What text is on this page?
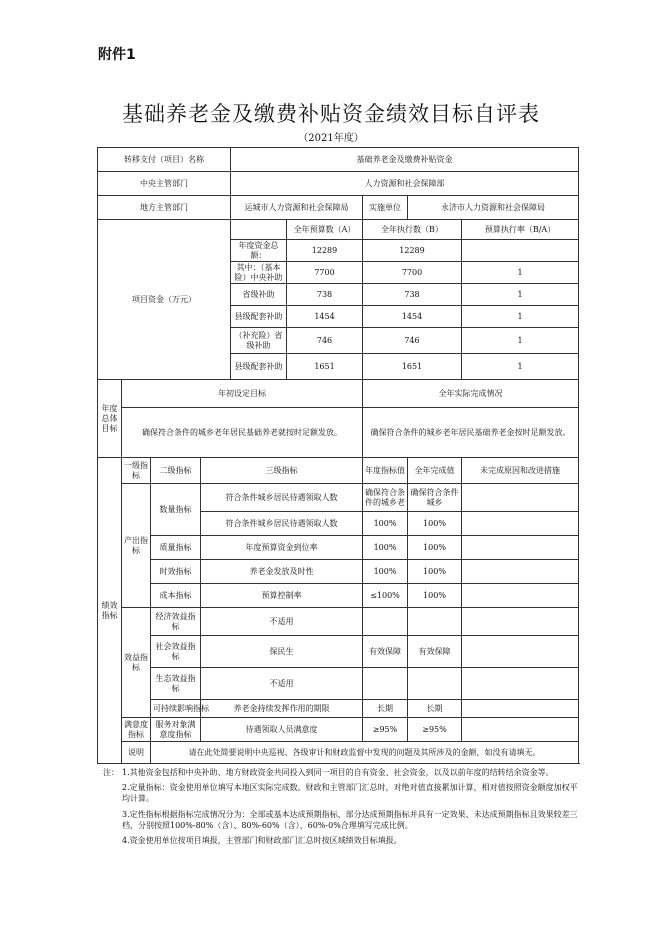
附件1
基础养老金及缴费补贴资金绩效目标自评表
（2021年度）
转移支付（项目）名称				基础养老金及缴费补贴资金				
中央主管部门				人力资源和社会保障部				
地方主管部门				运城市人力资源和社会保障局		实施单位	永济市人力资源和社会保障局	
项目资金（万元）					全年预算数（A）	全年执行数（B）		预算执行率（B/A）
				年度资金总额：	12289	12289		
				其中：（基本险）中央补助	7700	7700		1
				省级补助	738	738		1
				县级配套补助	1454	1454		1
				（补充险）省级补助	746	746		1
				县级配套补助	1651	1651		1
年度总体目标	年初设定目标					全年实际完成情况		
	确保符合条件的城乡老年居民基础养老就按时足额发放。					确保符合条件的城乡老年居民基础养老金按时足额发放。		
绩效指标	一级指标	二级指标	三级指标			年度指标值	全年完成值	未完成原因和改进措施
	产出指标	数量指标	符合条件城乡居民待遇领取人数			确保符合条件的城乡老	确保符合条件城乡	
			符合条件城乡居民待遇领取人数			100%	100%	
		质量指标	年度预算资金到位率			100%	100%	
		时效指标	养老金发放及时性			100%	100%	
		成本指标	预算控制率			≤100%	100%	
	效益指标	经济效益指标	不适用					
		社会效益指标	保民生			有效保障	有效保障	
		生态效益指标	不适用					
		可持续影响指标	养老金持续发挥作用的期限			长期	长期	
	满意度指标	服务对象满意度指标	待遇领取人员满意度			≥95%	≥95%	
	说明	请在此处简要说明中央巡视、各级审计和财政监督中发现的问题及其所涉及的金额，如没有请填无。						
注： 1.其他资金包括和中央补助、地方财政资金共同投入到同一项目的自有资金、社会资金，以及以前年度的结转结余资金等。
2.定量指标：资金使用单位填写本地区实际完成数。财政和主管部门汇总时，对绝对值直接累加计算，相对值按照资金额度加权平均计算。
3.定性指标根据指标完成情况分为：全部或基本达成预期指标、部分达成预期指标并具有一定效果、未达成预期指标且效果较差三档，分别按照100%-80%（含）、80%-60%（含）、60%-0%合理填写完成比例。
4.资金使用单位按项目填报，主管部门和财政部门汇总时按区域绩效目标填报。
